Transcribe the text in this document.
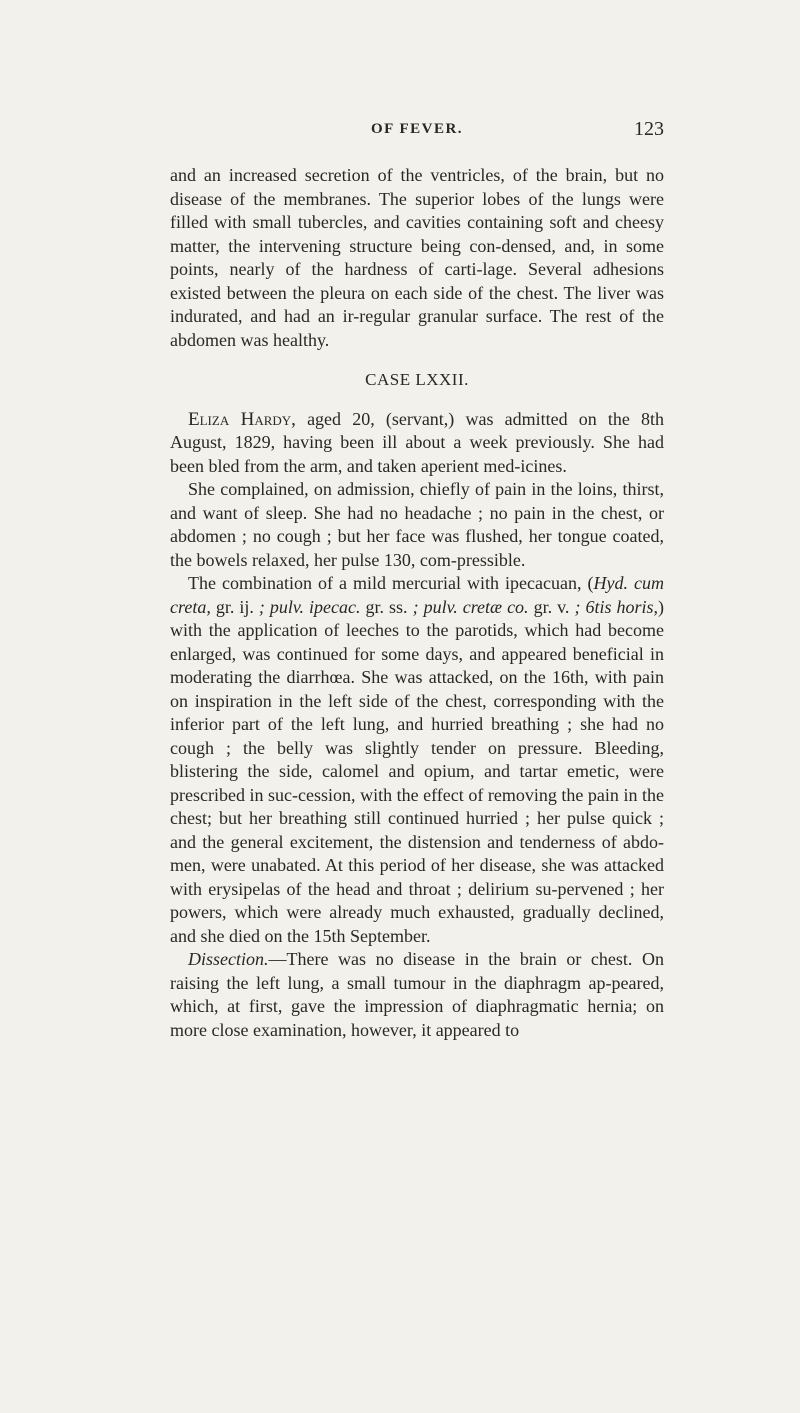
OF FEVER.	123

and an increased secretion of the ventricles, of the brain, but no disease of the membranes. The superior lobes of the lungs were filled with small tubercles, and cavities containing soft and cheesy matter, the intervening structure being con-densed, and, in some points, nearly of the hardness of carti-lage. Several adhesions existed between the pleura on each side of the chest. The liver was indurated, and had an ir-regular granular surface. The rest of the abdomen was healthy.

CASE LXXII.

Eliza Hardy, aged 20, (servant,) was admitted on the 8th August, 1829, having been ill about a week previously. She had been bled from the arm, and taken aperient med-icines.

She complained, on admission, chiefly of pain in the loins, thirst, and want of sleep. She had no headache ; no pain in the chest, or abdomen ; no cough ; but her face was flushed, her tongue coated, the bowels relaxed, her pulse 130, com-pressible.

The combination of a mild mercurial with ipecacuan, (Hyd. cum creta, gr. ij. ; pulv. ipecac. gr. ss. ; pulv. cretæ co. gr. v. ; 6tis horis,) with the application of leeches to the parotids, which had become enlarged, was continued for some days, and appeared beneficial in moderating the diarrhœa. She was attacked, on the 16th, with pain on inspiration in the left side of the chest, corresponding with the inferior part of the left lung, and hurried breathing ; she had no cough ; the belly was slightly tender on pressure. Bleeding, blistering the side, calomel and opium, and tartar emetic, were prescribed in suc-cession, with the effect of removing the pain in the chest; but her breathing still continued hurried ; her pulse quick ; and the general excitement, the distension and tenderness of abdo-men, were unabated. At this period of her disease, she was attacked with erysipelas of the head and throat ; delirium su-pervened ; her powers, which were already much exhausted, gradually declined, and she died on the 15th September.

Dissection.—There was no disease in the brain or chest. On raising the left lung, a small tumour in the diaphragm ap-peared, which, at first, gave the impression of diaphragmatic hernia; on more close examination, however, it appeared to
